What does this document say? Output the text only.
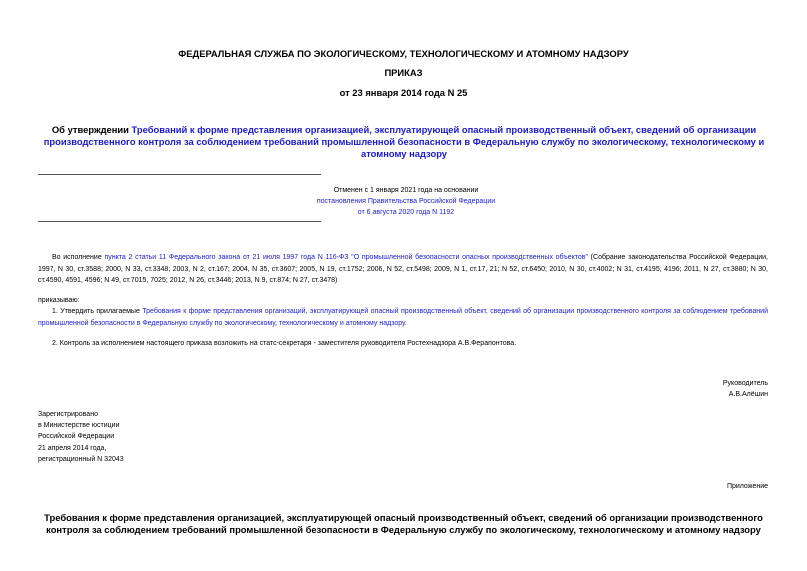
ФЕДЕРАЛЬНАЯ СЛУЖБА ПО ЭКОЛОГИЧЕСКОМУ, ТЕХНОЛОГИЧЕСКОМУ И АТОМНОМУ НАДЗОРУ
ПРИКАЗ
от 23 января 2014 года N 25
Об утверждении Требований к форме представления организацией, эксплуатирующей опасный производственный объект, сведений об организации производственного контроля за соблюдением требований промышленной безопасности в Федеральную службу по экологическому, технологическому и атомному надзору
Отменен с 1 января 2021 года на основании
постановления Правительства Российской Федерации
от 6 августа 2020 года N 1192
Во исполнение пункта 2 статьи 11 Федерального закона от 21 июля 1997 года N 116-ФЗ "О промышленной безопасности опасных производственных объектов" (Собрание законодательства Российской Федерации, 1997, N 30, ст.3588; 2000, N 33, ст.3348; 2003, N 2, ст.167; 2004, N 35, ст.3607; 2005, N 19, ст.1752; 2006, N 52, ст.5498; 2009, N 1, ст.17, 21; N 52, ст.6450; 2010, N 30, ст.4002; N 31, ст.4195, 4196; 2011, N 27, ст.3880; N 30, ст.4590, 4591, 4596; N 49, ст.7015, 7025; 2012, N 26, ст.3446; 2013, N 9, ст.874; N 27, ст.3478)
приказываю:
1. Утвердить прилагаемые Требования к форме представления организаций, эксплуатирующей опасный производственный объект, сведений об организации производственного контроля за соблюдением требований промышленной безопасности в Федеральную службу по экологическому, технологическому и атомному надзору.
2. Контроль за исполнением настоящего приказа возложить на статс-секретаря - заместителя руководителя Ростехнадзора А.В.Ферапонтова.
Руководитель
А.В.Алёшин
Зарегистрировано
в Министерстве юстиции
Российской Федерации
21 апреля 2014 года,
регистрационный N 32043
Приложение
Требования к форме представления организацией, эксплуатирующей опасный производственный объект, сведений об организации производственного контроля за соблюдением требований промышленной безопасности в Федеральную службу по экологическому, технологическому и атомному надзору
